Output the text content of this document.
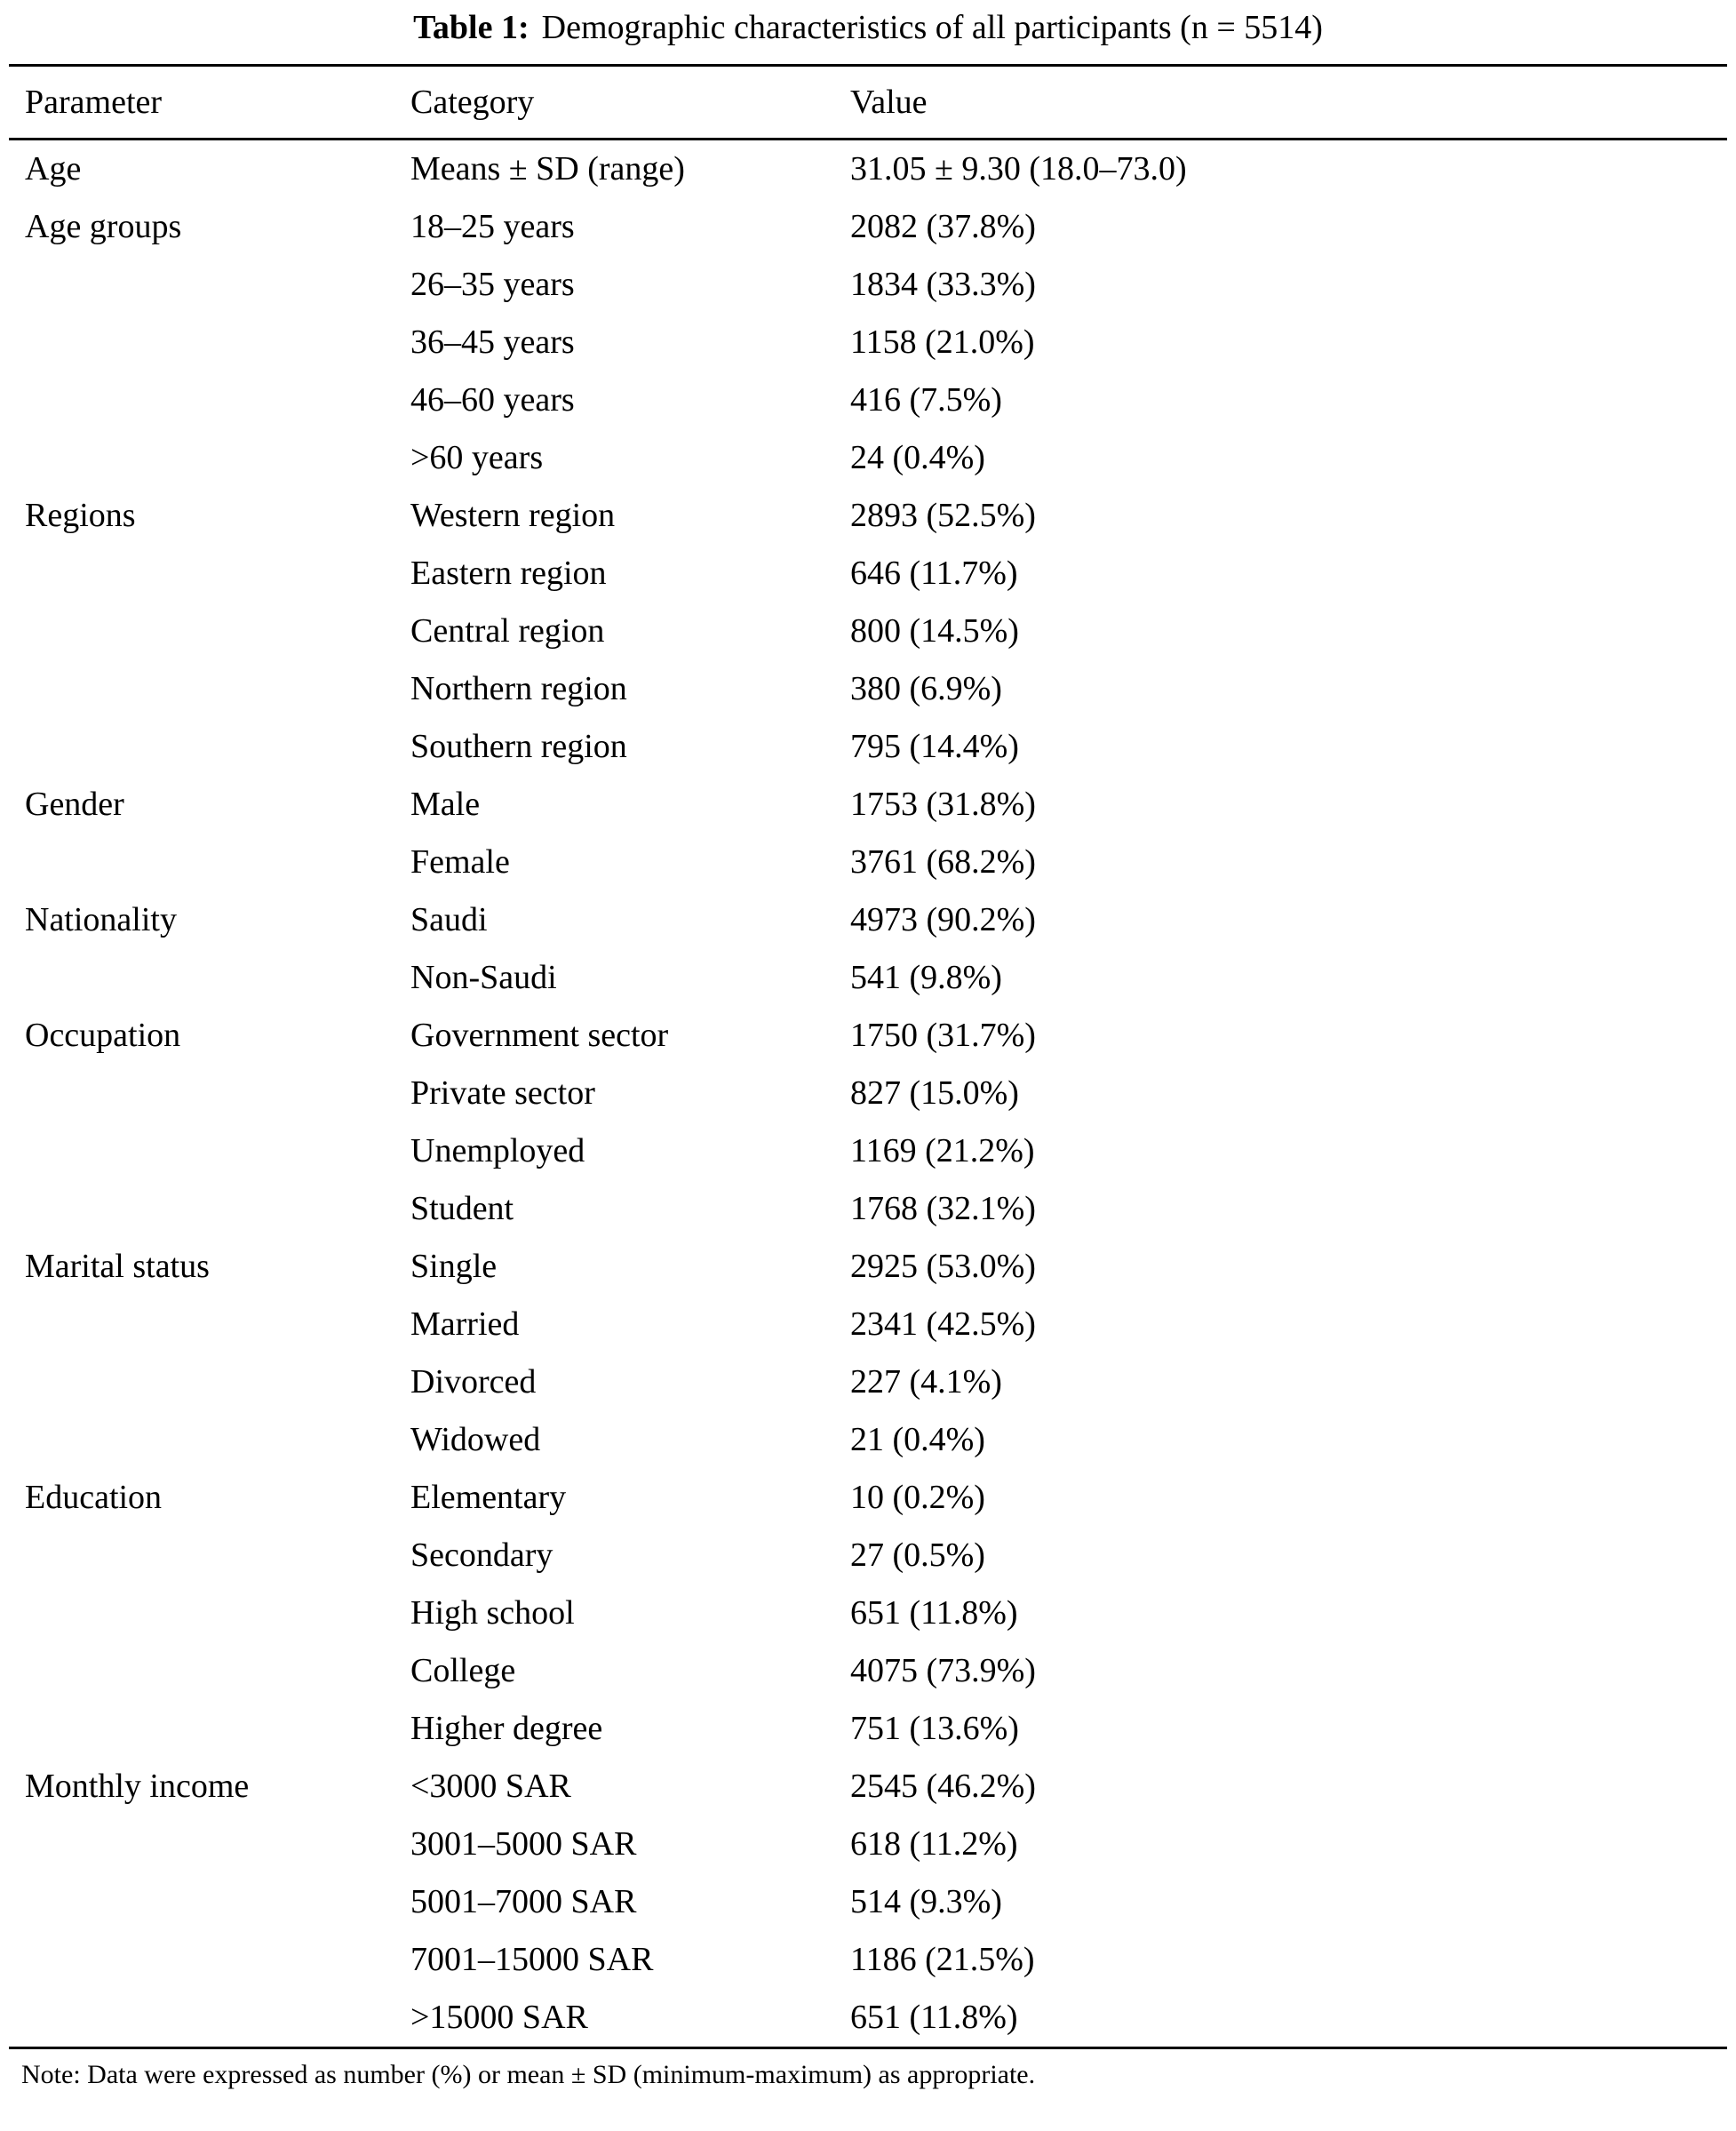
Table 1: Demographic characteristics of all participants (n = 5514)
Parameter	Category	Value
Age	Means ± SD (range)	31.05 ± 9.30 (18.0–73.0)
Age groups	18–25 years	2082 (37.8%)
	26–35 years	1834 (33.3%)
	36–45 years	1158 (21.0%)
	46–60 years	416 (7.5%)
	>60 years	24 (0.4%)
Regions	Western region	2893 (52.5%)
	Eastern region	646 (11.7%)
	Central region	800 (14.5%)
	Northern region	380 (6.9%)
	Southern region	795 (14.4%)
Gender	Male	1753 (31.8%)
	Female	3761 (68.2%)
Nationality	Saudi	4973 (90.2%)
	Non-Saudi	541 (9.8%)
Occupation	Government sector	1750 (31.7%)
	Private sector	827 (15.0%)
	Unemployed	1169 (21.2%)
	Student	1768 (32.1%)
Marital status	Single	2925 (53.0%)
	Married	2341 (42.5%)
	Divorced	227 (4.1%)
	Widowed	21 (0.4%)
Education	Elementary	10 (0.2%)
	Secondary	27 (0.5%)
	High school	651 (11.8%)
	College	4075 (73.9%)
	Higher degree	751 (13.6%)
Monthly income	<3000 SAR	2545 (46.2%)
	3001–5000 SAR	618 (11.2%)
	5001–7000 SAR	514 (9.3%)
	7001–15000 SAR	1186 (21.5%)
	>15000 SAR	651 (11.8%)
Note: Data were expressed as number (%) or mean ± SD (minimum-maximum) as appropriate.
